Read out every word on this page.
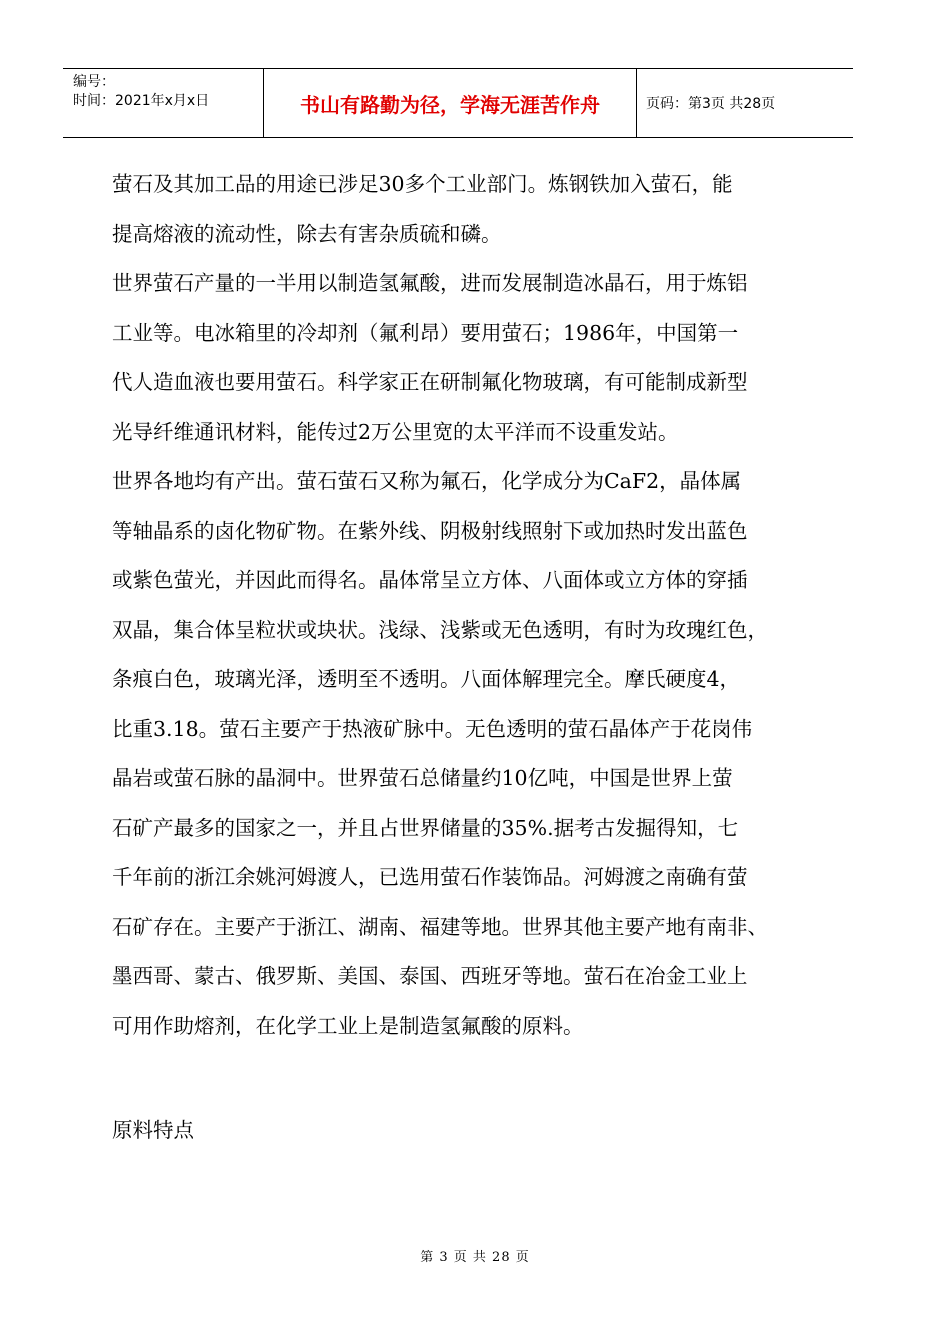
编号：
时间：2021年x月x日	书山有路勤为径，学海无涯苦作舟	页码：第3页 共28页
萤石及其加工品的用途已涉足30多个工业部门。炼钢铁加入萤石，能
提高熔液的流动性，除去有害杂质硫和磷。
世界萤石产量的一半用以制造氢氟酸，进而发展制造冰晶石，用于炼铝
工业等。电冰箱里的冷却剂（氟利昂）要用萤石；1986年，中国第一
代人造血液也要用萤石。科学家正在研制氟化物玻璃，有可能制成新型
光导纤维通讯材料，能传过2万公里宽的太平洋而不设重发站。
世界各地均有产出。萤石萤石又称为氟石，化学成分为CaF2，晶体属
等轴晶系的卤化物矿物。在紫外线、阴极射线照射下或加热时发出蓝色
或紫色萤光，并因此而得名。晶体常呈立方体、八面体或立方体的穿插
双晶，集合体呈粒状或块状。浅绿、浅紫或无色透明，有时为玫瑰红色，
条痕白色，玻璃光泽，透明至不透明。八面体解理完全。摩氏硬度4，
比重3.18。萤石主要产于热液矿脉中。无色透明的萤石晶体产于花岗伟
晶岩或萤石脉的晶洞中。世界萤石总储量约10亿吨，中国是世界上萤
石矿产最多的国家之一，并且占世界储量的35%.据考古发掘得知，七
千年前的浙江余姚河姆渡人，已选用萤石作装饰品。河姆渡之南确有萤
石矿存在。主要产于浙江、湖南、福建等地。世界其他主要产地有南非、
墨西哥、蒙古、俄罗斯、美国、泰国、西班牙等地。萤石在冶金工业上
可用作助熔剂，在化学工业上是制造氢氟酸的原料。
原料特点
第 3 页 共 28 页
